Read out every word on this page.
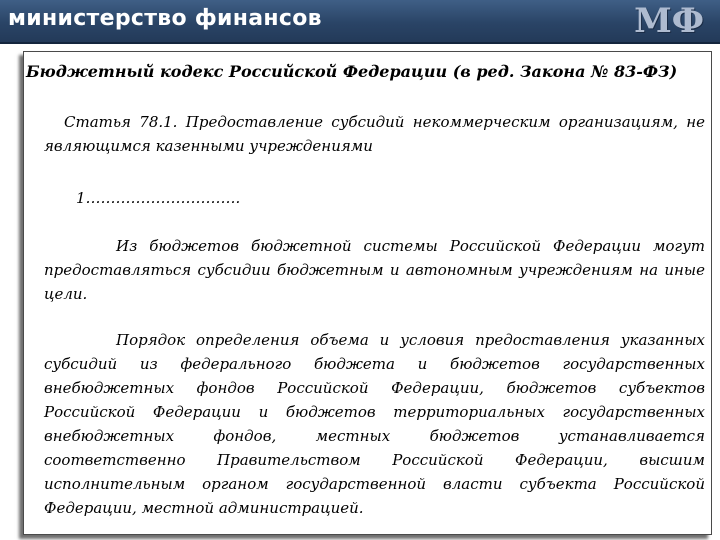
министерство финансов	МФ
Бюджетный кодекс Российской Федерации (в ред. Закона № 83-ФЗ)
Статья 78.1. Предоставление субсидий некоммерческим организациям, не являющимся казенными учреждениями
1………………………….
Из бюджетов бюджетной системы Российской Федерации могут предоставляться субсидии бюджетным и автономным учреждениям на иные цели.
Порядок определения объема и условия предоставления указанных субсидий из федерального бюджета и бюджетов государственных внебюджетных фондов Российской Федерации, бюджетов субъектов Российской Федерации и бюджетов территориальных государственных внебюджетных фондов, местных бюджетов устанавливается соответственно Правительством Российской Федерации, высшим исполнительным органом государственной власти субъекта Российской Федерации, местной администрацией.
